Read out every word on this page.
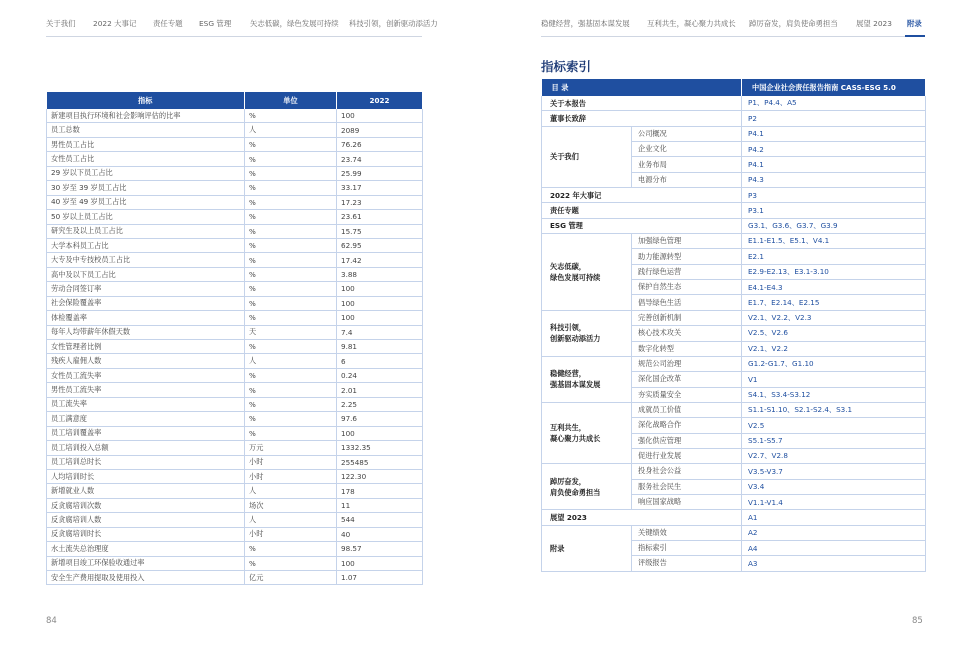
关于我们 2022 大事记 责任专题 ESG 管理	矢志低碳，绿色发展可持续 科技引领，创新驱动添活力	稳健经营，强基固本谋发展 互利共生，凝心聚力共成长 踔厉奋发，肩负使命勇担当 展望 2023 附录
指标	单位	2022
新建项目执行环境和社会影响评估的比率	%	100
员工总数	人	2089
男性员工占比	%	76.26
女性员工占比	%	23.74
29 岁以下员工占比	%	25.99
30 岁至 39 岁员工占比	%	33.17
40 岁至 49 岁员工占比	%	17.23
50 岁以上员工占比	%	23.61
研究生及以上员工占比	%	15.75
大学本科员工占比	%	62.95
大专及中专技校员工占比	%	17.42
高中及以下员工占比	%	3.88
劳动合同签订率	%	100
社会保险覆盖率	%	100
体检覆盖率	%	100
每年人均带薪年休假天数	天	7.4
女性管理者比例	%	9.81
残疾人雇佣人数	人	6
女性员工流失率	%	0.24
男性员工流失率	%	2.01
员工流失率	%	2.25
员工满意度	%	97.6
员工培训覆盖率	%	100
员工培训投入总额	万元	1332.35
员工培训总时长	小时	255485
人均培训时长	小时	122.30
新增就业人数	人	178
反贪腐培训次数	场次	11
反贪腐培训人数	人	544
反贪腐培训时长	小时	40
水土流失总治理度	%	98.57
新增项目竣工环保验收通过率	%	100
安全生产费用提取及使用投入	亿元	1.07
指标索引
目 录		中国企业社会责任报告指南 CASS-ESG 5.0
关于本报告		P1、P4.4、A5
董事长致辞		P2
关于我们	公司概况	P4.1
	企业文化	P4.2
	业务布局	P4.1
	电源分布	P4.3
2022 年大事记		P3
责任专题		P3.1
ESG 管理		G3.1、G3.6、G3.7、G3.9
矢志低碳，
绿色发展可持续	加强绿色管理	E1.1-E1.5、E5.1、V4.1
	助力能源转型	E2.1
	践行绿色运营	E2.9-E2.13、E3.1-3.10
	保护自然生态	E4.1-E4.3
	倡导绿色生活	E1.7、E2.14、E2.15
科技引领，
创新驱动添活力	完善创新机制	V2.1、V2.2、V2.3
	核心技术攻关	V2.5、V2.6
	数字化转型	V2.1、V2.2
稳健经营，
强基固本谋发展	规范公司治理	G1.2-G1.7、G1.10
	深化国企改革	V1
	夯实质量安全	S4.1、S3.4-S3.12
互利共生，
凝心聚力共成长	成就员工价值	S1.1-S1.10、S2.1-S2.4、S3.1
	深化战略合作	V2.5
	强化供应管理	S5.1-S5.7
	促进行业发展	V2.7、V2.8
踔厉奋发，
肩负使命勇担当	投身社会公益	V3.5-V3.7
	服务社会民生	V3.4
	响应国家战略	V1.1-V1.4
展望 2023		A1
附录	关键绩效	A2
	指标索引	A4
	评级报告	A3
84	85
